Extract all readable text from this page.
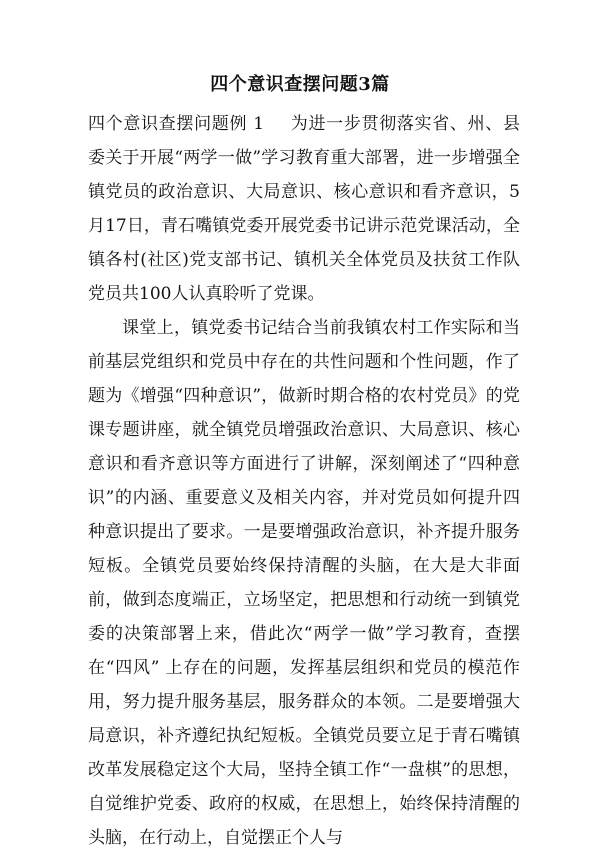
四个意识查摆问题3篇

四个意识查摆问题例 1 为进一步贯彻落实省、州、县委关于开展“两学一做”学习教育重大部署，进一步增强全镇党员的政治意识、大局意识、核心意识和看齐意识，5月17日，青石嘴镇党委开展党委书记讲示范党课活动，全镇各村(社区)党支部书记、镇机关全体党员及扶贫工作队党员共100人认真聆听了党课。

课堂上，镇党委书记结合当前我镇农村工作实际和当前基层党组织和党员中存在的共性问题和个性问题，作了题为《增强“四种意识”，做新时期合格的农村党员》的党课专题讲座，就全镇党员增强政治意识、大局意识、核心意识和看齐意识等方面进行了讲解，深刻阐述了“四种意识”的内涵、重要意义及相关内容，并对党员如何提升四种意识提出了要求。一是要增强政治意识，补齐提升服务短板。全镇党员要始终保持清醒的头脑，在大是大非面前，做到态度端正，立场坚定，把思想和行动统一到镇党委的决策部署上来，借此次“两学一做”学习教育，查摆在“四风” 上存在的问题，发挥基层组织和党员的模范作用，努力提升服务基层，服务群众的本领。二是要增强大局意识，补齐遵纪执纪短板。全镇党员要立足于青石嘴镇改革发展稳定这个大局，坚持全镇工作“一盘棋”的思想，自觉维护党委、政府的权威，在思想上，始终保持清醒的头脑，在行动上，自觉摆正个人与
